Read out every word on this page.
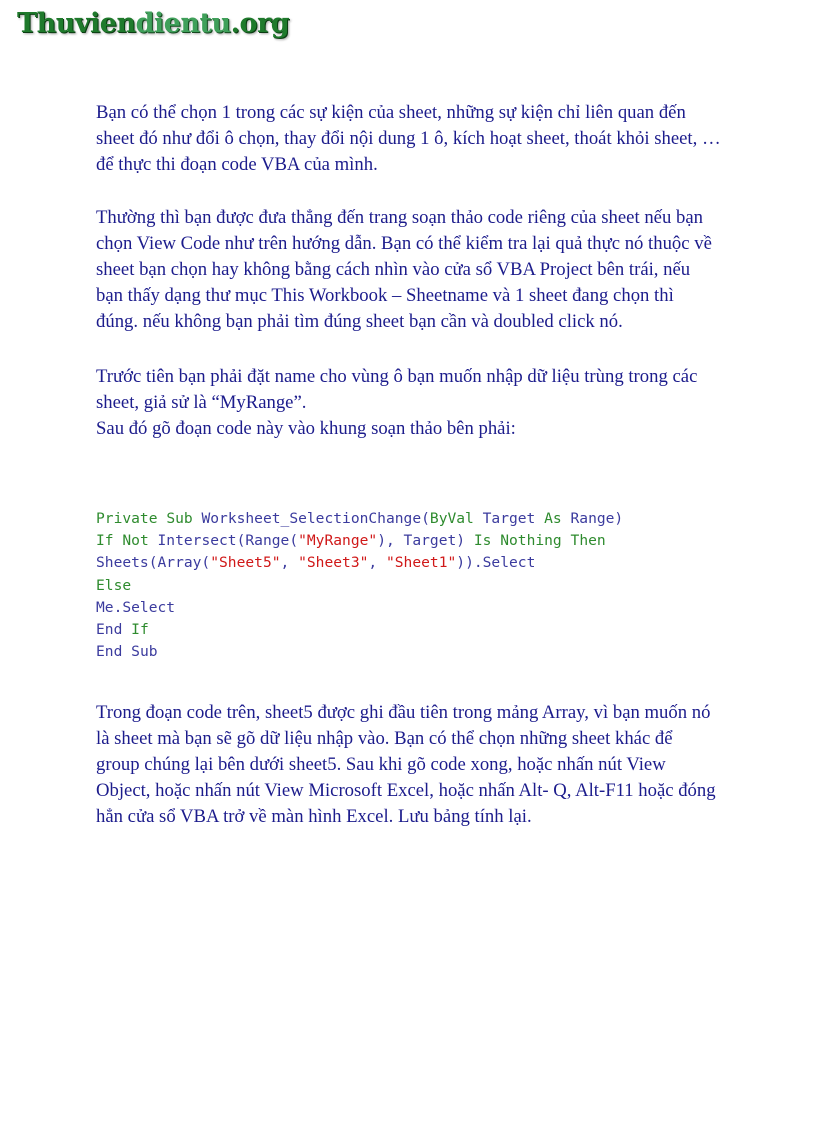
Thuviendientu.org

Bạn có thể chọn 1 trong các sự kiện của sheet, những sự kiện chỉ liên quan đến
sheet đó như đổi ô chọn, thay đổi nội dung 1 ô, kích hoạt sheet, thoát khỏi sheet, …
để thực thi đoạn code VBA của mình.

Thường thì bạn được đưa thẳng đến trang soạn thảo code riêng của sheet nếu bạn
chọn View Code như trên hướng dẫn. Bạn có thể kiểm tra lại quả thực nó thuộc về
sheet bạn chọn hay không bằng cách nhìn vào cửa sổ VBA Project bên trái, nếu
bạn thấy dạng thư mục This Workbook – Sheetname và 1 sheet đang chọn thì
đúng. nếu không bạn phải tìm đúng sheet bạn cần và doubled click nó.

Trước tiên bạn phải đặt name cho vùng ô bạn muốn nhập dữ liệu trùng trong các
sheet, giả sử là “MyRange”.
Sau đó gõ đoạn code này vào khung soạn thảo bên phải:

Private Sub Worksheet_SelectionChange(ByVal Target As Range)
If Not Intersect(Range("MyRange"), Target) Is Nothing Then
Sheets(Array("Sheet5", "Sheet3", "Sheet1")).Select
Else
Me.Select
End If
End Sub

Trong đoạn code trên, sheet5 được ghi đầu tiên trong mảng Array, vì bạn muốn nó
là sheet mà bạn sẽ gõ dữ liệu nhập vào. Bạn có thể chọn những sheet khác để
group chúng lại bên dưới sheet5. Sau khi gõ code xong, hoặc nhấn nút View
Object, hoặc nhấn nút View Microsoft Excel, hoặc nhấn Alt- Q, Alt-F11 hoặc đóng
hẳn cửa sổ VBA trở về màn hình Excel. Lưu bảng tính lại.
